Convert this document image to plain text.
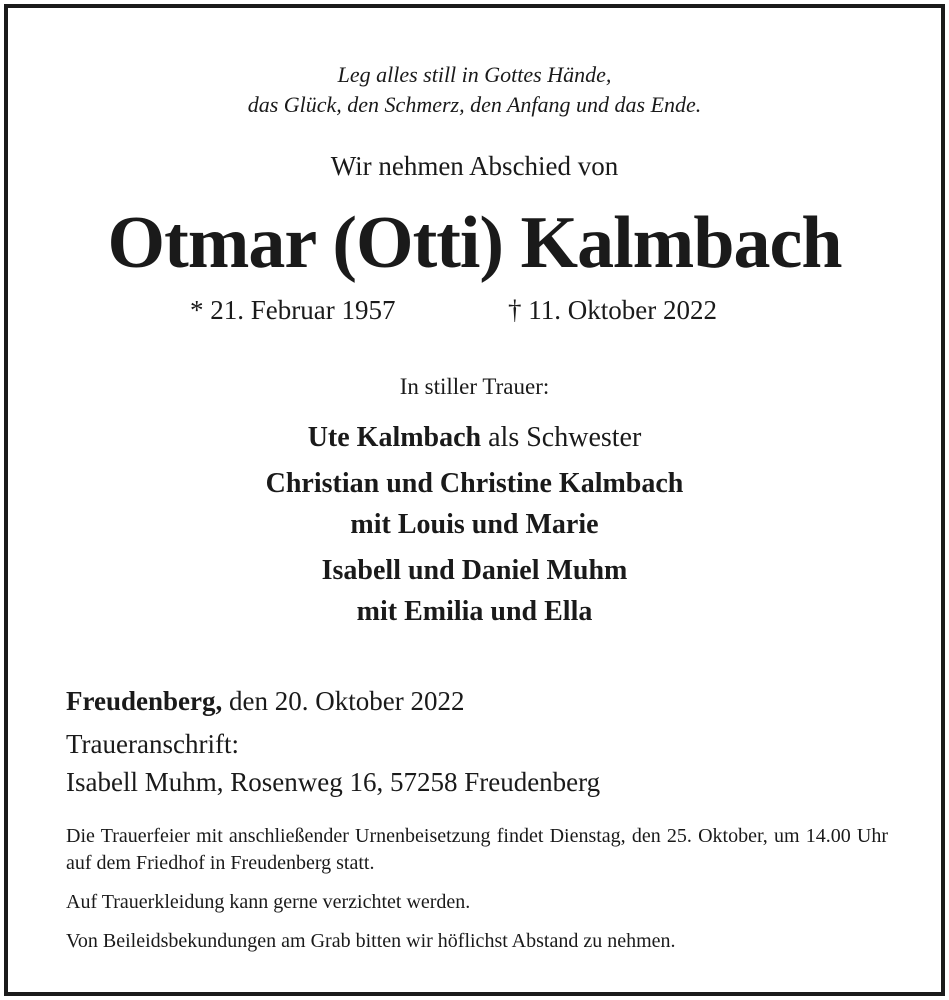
Leg alles still in Gottes Hände,

das Glück, den Schmerz, den Anfang und das Ende.

Wir nehmen Abschied von

Otmar (Otti) Kalmbach
* 21. Februar 1957	† 11. Oktober 2022

In stiller Trauer:

Ute Kalmbach als Schwester

Christian und Christine Kalmbach

mit Louis und Marie

Isabell und Daniel Muhm

mit Emilia und Ella

Freudenberg, den 20. Oktober 2022

Traueranschrift:

Isabell Muhm, Rosenweg 16, 57258 Freudenberg

Die Trauerfeier mit anschließender Urnenbeisetzung findet Dienstag, den 25. Oktober, um 14.00 Uhr auf dem Friedhof in Freudenberg statt.

Auf Trauerkleidung kann gerne verzichtet werden.

Von Beileidsbekundungen am Grab bitten wir höflichst Abstand zu nehmen.
